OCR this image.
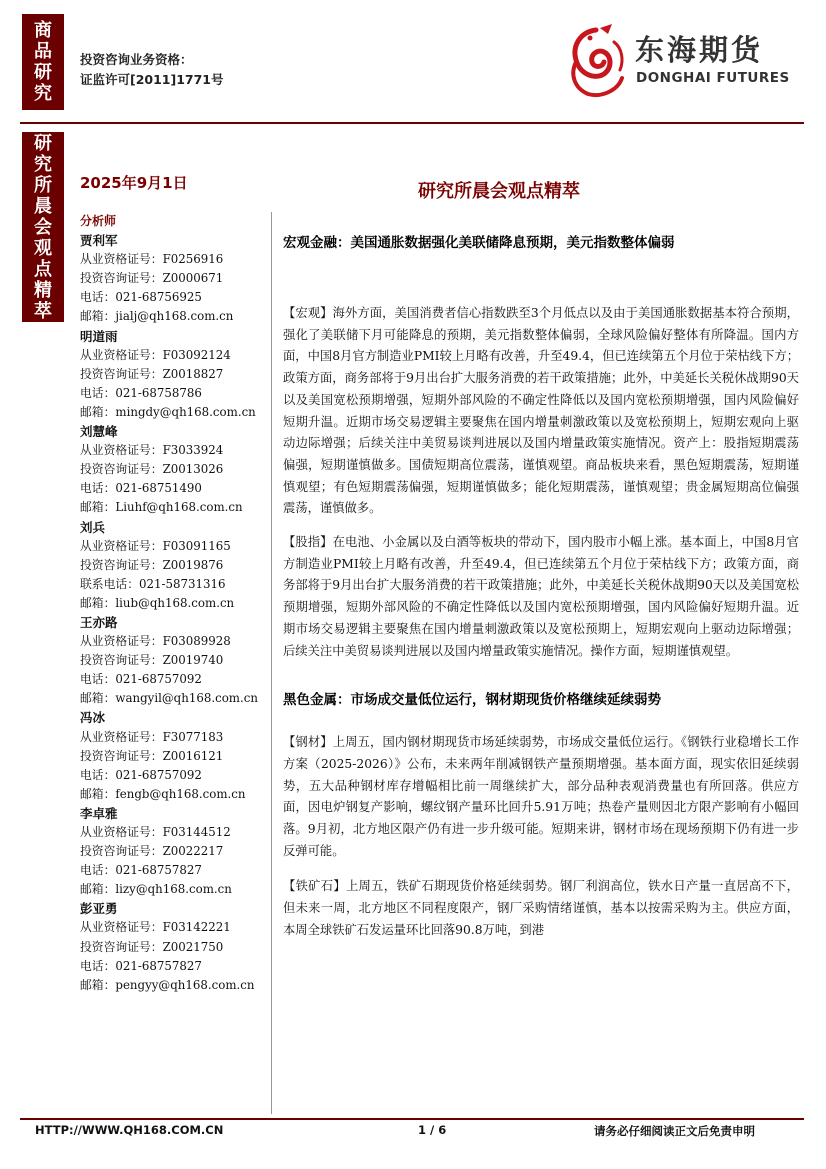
商品研究
研究所晨会观点精萃
投资咨询业务资格：
证监许可[2011]1771号
东海期货
DONGHAI FUTURES
2025年9月1日	研究所晨会观点精萃
分析师
贾利军
从业资格证号：F0256916
投资咨询证号：Z0000671
电话：021-68756925
邮箱：jialj@qh168.com.cn
明道雨
从业资格证号：F03092124
投资咨询证号：Z0018827
电话：021-68758786
邮箱：mingdy@qh168.com.cn
刘慧峰
从业资格证号：F3033924
投资咨询证号：Z0013026
电话：021-68751490
邮箱：Liuhf@qh168.com.cn
刘兵
从业资格证号：F03091165
投资咨询证号：Z0019876
联系电话：021-58731316
邮箱：liub@qh168.com.cn
王亦路
从业资格证号：F03089928
投资咨询证号：Z0019740
电话：021-68757092
邮箱：wangyil@qh168.com.cn
冯冰
从业资格证号：F3077183
投资咨询证号：Z0016121
电话：021-68757092
邮箱：fengb@qh168.com.cn
李卓雅
从业资格证号：F03144512
投资咨询证号：Z0022217
电话：021-68757827
邮箱：lizy@qh168.com.cn
彭亚勇
从业资格证号：F03142221
投资咨询证号：Z0021750
电话：021-68757827
邮箱：pengyy@qh168.com.cn
宏观金融：美国通胀数据强化美联储降息预期，美元指数整体偏弱

【宏观】海外方面，美国消费者信心指数跌至3个月低点以及由于美国通胀数据基本符合预期，强化了美联储下月可能降息的预期，美元指数整体偏弱，全球风险偏好整体有所降温。国内方面，中国8月官方制造业PMI较上月略有改善，升至49.4，但已连续第五个月位于荣枯线下方；政策方面，商务部将于9月出台扩大服务消费的若干政策措施；此外，中美延长关税休战期90天以及美国宽松预期增强，短期外部风险的不确定性降低以及国内宽松预期增强，国内风险偏好短期升温。近期市场交易逻辑主要聚焦在国内增量刺激政策以及宽松预期上，短期宏观向上驱动边际增强；后续关注中美贸易谈判进展以及国内增量政策实施情况。资产上：股指短期震荡偏强，短期谨慎做多。国债短期高位震荡，谨慎观望。商品板块来看，黑色短期震荡，短期谨慎观望；有色短期震荡偏强，短期谨慎做多；能化短期震荡，谨慎观望；贵金属短期高位偏强震荡，谨慎做多。

【股指】在电池、小金属以及白酒等板块的带动下，国内股市小幅上涨。基本面上，中国8月官方制造业PMI较上月略有改善，升至49.4，但已连续第五个月位于荣枯线下方；政策方面，商务部将于9月出台扩大服务消费的若干政策措施；此外，中美延长关税休战期90天以及美国宽松预期增强，短期外部风险的不确定性降低以及国内宽松预期增强，国内风险偏好短期升温。近期市场交易逻辑主要聚焦在国内增量刺激政策以及宽松预期上，短期宏观向上驱动边际增强；后续关注中美贸易谈判进展以及国内增量政策实施情况。操作方面，短期谨慎观望。

黑色金属：市场成交量低位运行，钢材期现货价格继续延续弱势

【钢材】上周五，国内钢材期现货市场延续弱势，市场成交量低位运行。《钢铁行业稳增长工作方案（2025-2026）》公布，未来两年削减钢铁产量预期增强。基本面方面，现实依旧延续弱势，五大品种钢材库存增幅相比前一周继续扩大，部分品种表观消费量也有所回落。供应方面，因电炉钢复产影响，螺纹钢产量环比回升5.91万吨；热卷产量则因北方限产影响有小幅回落。9月初，北方地区限产仍有进一步升级可能。短期来讲，钢材市场在现场预期下仍有进一步反弹可能。

【铁矿石】上周五，铁矿石期现货价格延续弱势。钢厂利润高位，铁水日产量一直居高不下，但未来一周，北方地区不同程度限产，钢厂采购情绪谨慎，基本以按需采购为主。供应方面，本周全球铁矿石发运量环比回落90.8万吨，到港

HTTP://WWW.QH168.COM.CN	1 / 6	请务必仔细阅读正文后免责申明
